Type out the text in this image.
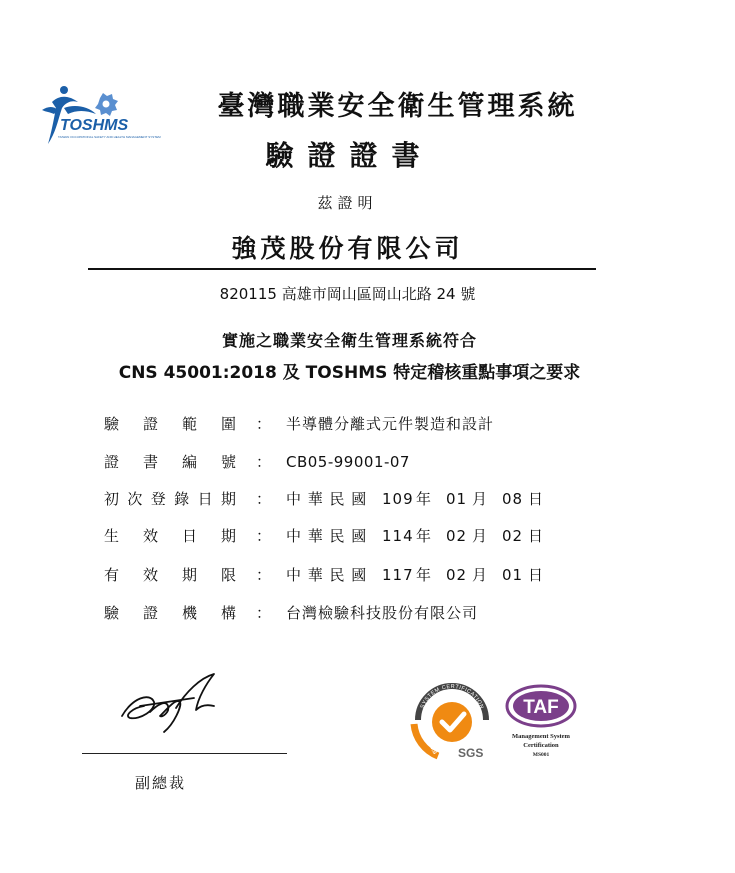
TOSHMS
TAIWAN OCCUPATIONAL SAFETY AND HEALTH MANAGEMENT SYSTEM
臺灣職業安全衛生管理系統
驗證證書
茲證明
強茂股份有限公司
820115 高雄市岡山區岡山北路 24 號
實施之職業安全衛生管理系統符合
CNS 45001:2018 及 TOSHMS 特定稽核重點事項之要求
驗 證 範 圍 ： 半導體分離式元件製造和設計
證 書 編 號 ： CB05-99001-07
初 次 登 錄 日 期 ： 中 華 民 國 109 年 01 月 08 日
生 效 日 期 ： 中 華 民 國 114 年 02 月 02 日
有 效 期 限 ： 中 華 民 國 117 年 02 月 01 日
驗 證 機 構 ： 台灣檢驗科技股份有限公司
副總裁
SYSTEM CERTIFICATION
TOSHMS SGS
TAF
Management System
Certification
MS001
